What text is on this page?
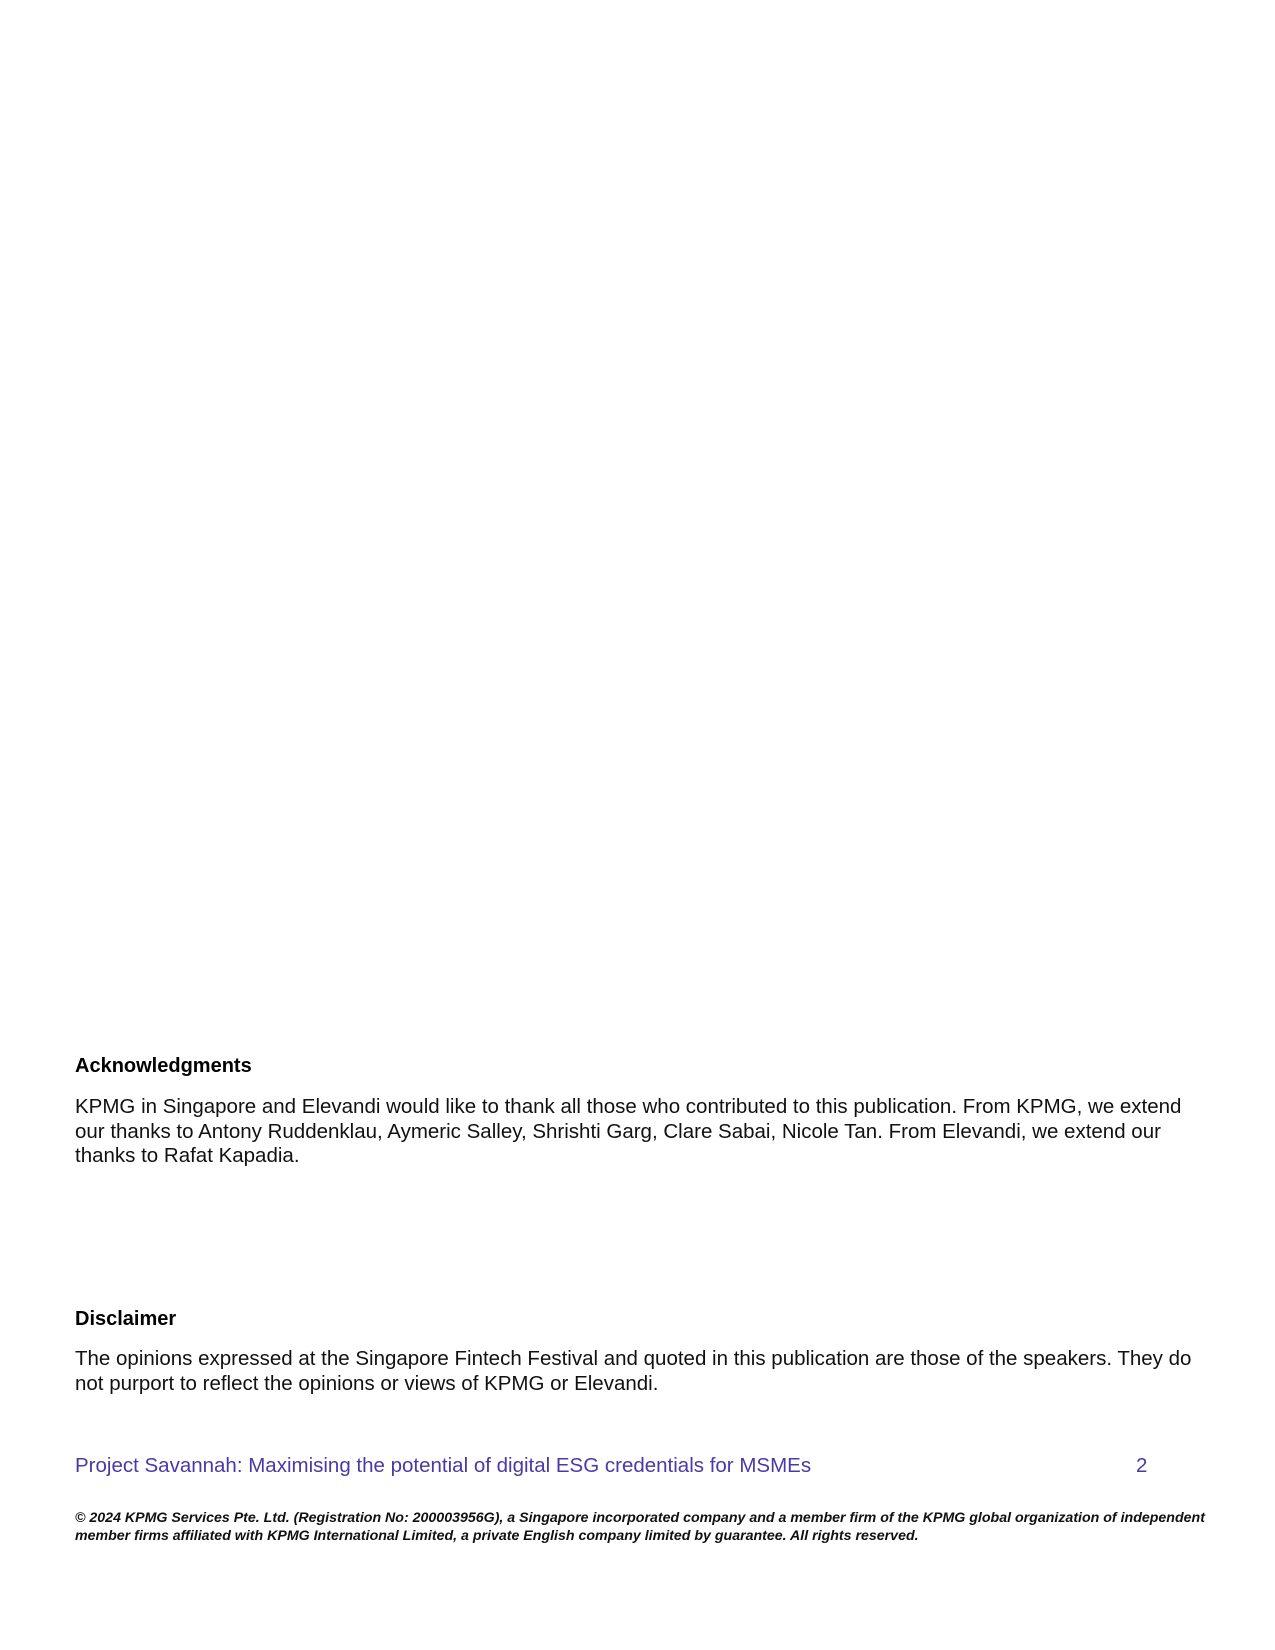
Acknowledgments

KPMG in Singapore and Elevandi would like to thank all those who contributed to this publication. From KPMG, we extend our thanks to Antony Ruddenklau, Aymeric Salley, Shrishti Garg, Clare Sabai, Nicole Tan. From Elevandi, we extend our thanks to Rafat Kapadia.

Disclaimer

The opinions expressed at the Singapore Fintech Festival and quoted in this publication are those of the speakers. They do not purport to reflect the opinions or views of KPMG or Elevandi.

Project Savannah: Maximising the potential of digital ESG credentials for MSMEs	2

© 2024 KPMG Services Pte. Ltd. (Registration No: 200003956G), a Singapore incorporated company and a member firm of the KPMG global organization of independent member firms affiliated with KPMG International Limited, a private English company limited by guarantee. All rights reserved.
